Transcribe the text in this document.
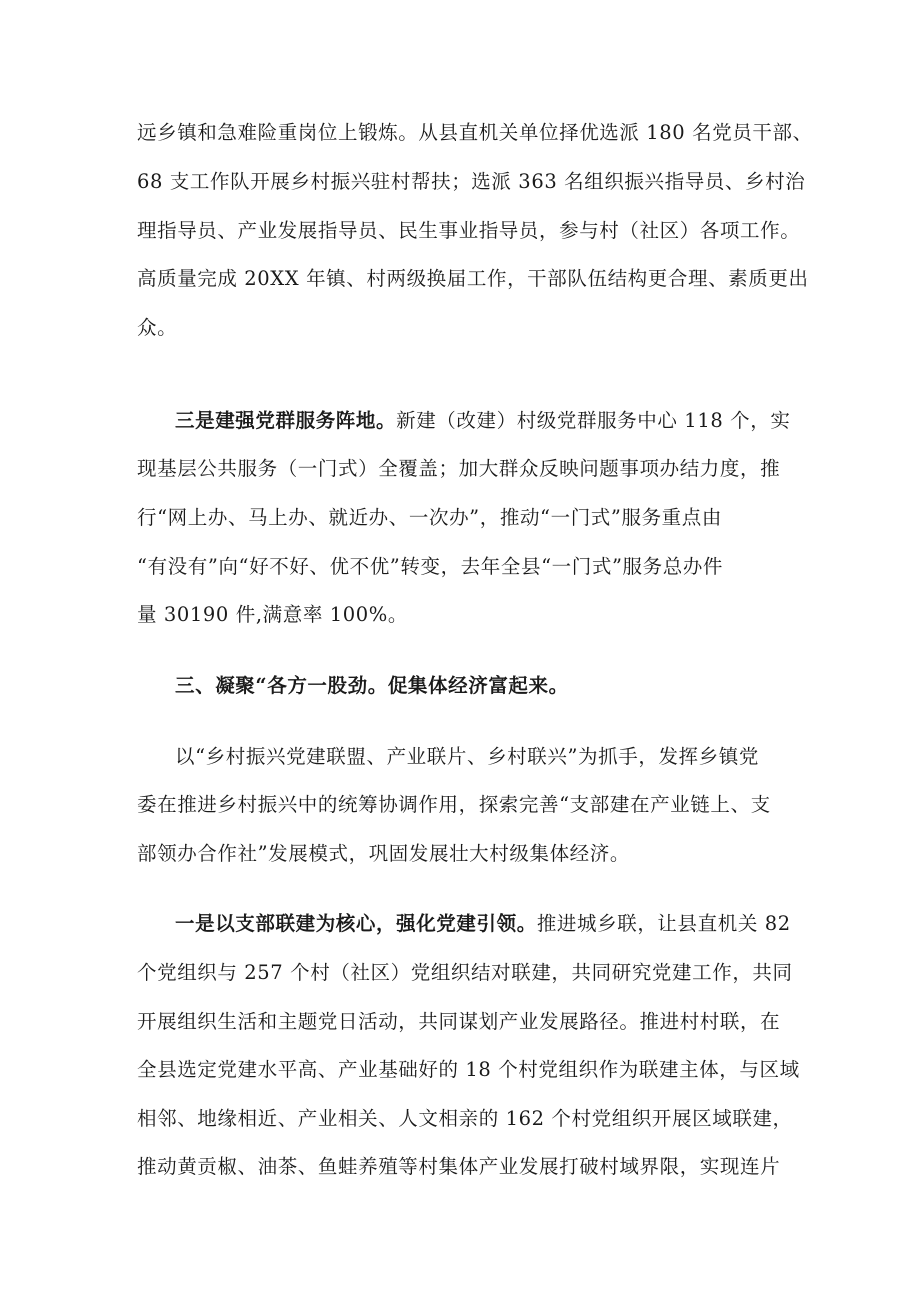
远乡镇和急难险重岗位上锻炼。从县直机关单位择优选派 180 名党员干部、
68 支工作队开展乡村振兴驻村帮扶；选派 363 名组织振兴指导员、乡村治
理指导员、产业发展指导员、民生事业指导员，参与村（社区）各项工作。
高质量完成 20XX 年镇、村两级换届工作，干部队伍结构更合理、素质更出
众。
三是建强党群服务阵地。新建（改建）村级党群服务中心 118 个，实
现基层公共服务（一门式）全覆盖；加大群众反映问题事项办结力度，推
行“网上办、马上办、就近办、一次办”，推动“一门式”服务重点由
“有没有”向“好不好、优不优”转变，去年全县“一门式”服务总办件
量 30190 件,满意率 100%。
三、凝聚“各方一股劲。促集体经济富起来。
以“乡村振兴党建联盟、产业联片、乡村联兴”为抓手，发挥乡镇党
委在推进乡村振兴中的统筹协调作用，探索完善“支部建在产业链上、支
部领办合作社”发展模式，巩固发展壮大村级集体经济。
一是以支部联建为核心，强化党建引领。推进城乡联，让县直机关 82
个党组织与 257 个村（社区）党组织结对联建，共同研究党建工作，共同
开展组织生活和主题党日活动，共同谋划产业发展路径。推进村村联，在
全县选定党建水平高、产业基础好的 18 个村党组织作为联建主体，与区域
相邻、地缘相近、产业相关、人文相亲的 162 个村党组织开展区域联建，
推动黄贡椒、油茶、鱼蛙养殖等村集体产业发展打破村域界限，实现连片
